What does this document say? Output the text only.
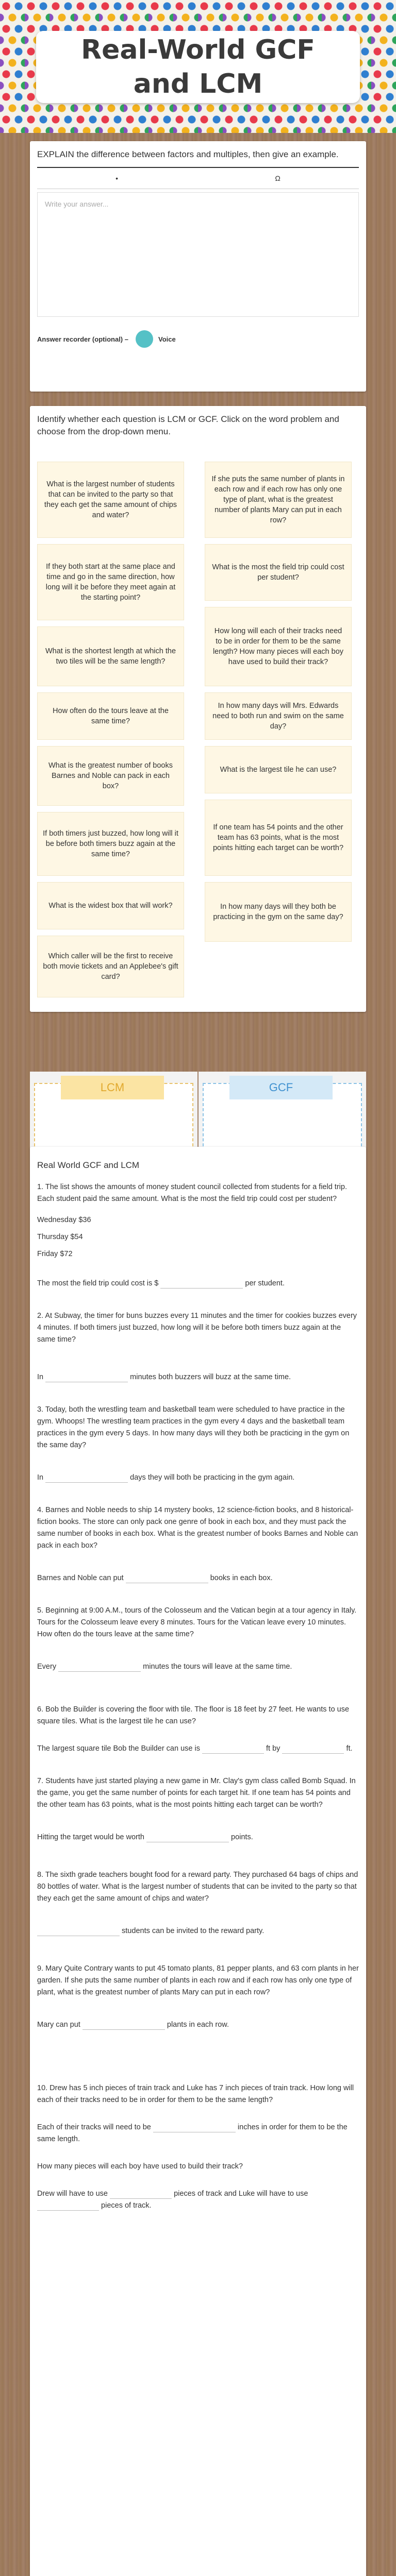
Real-World GCF and LCM

EXPLAIN the difference between factors and multiples, then give an example.

•	Ω
Write your answer...
Answer recorder (optional) –	Voice

Identify whether each question is LCM or GCF. Click on the word problem and choose from the drop-down menu.

What is the largest number of students that can be invited to the party so that they each get the same amount of chips and water?
If she puts the same number of plants in each row and if each row has only one type of plant, what is the greatest number of plants Mary can put in each row?
If they both start at the same place and time and go in the same direction, how long will it be before they meet again at the starting point?
What is the most the field trip could cost per student?
What is the shortest length at which the two tiles will be the same length?
How long will each of their tracks need to be in order for them to be the same length? How many pieces will each boy have used to build their track?
How often do the tours leave at the same time?
In how many days will Mrs. Edwards need to both run and swim on the same day?
What is the greatest number of books Barnes and Noble can pack in each box?
What is the largest tile he can use?
If both timers just buzzed, how long will it be before both timers buzz again at the same time?
If one team has 54 points and the other team has 63 points, what is the most points hitting each target can be worth?
What is the widest box that will work?	In how many days will they both be practicing in the gym on the same day?
Which caller will be the first to receive both movie tickets and an Applebee's gift card?
LCM	GCF
Real World GCF and LCM

1. The list shows the amounts of money student council collected from students for a field trip. Each student paid the same amount. What is the most the field trip could cost per student?

Wednesday $36
Thursday $54
Friday $72

The most the field trip could cost is $	per student.

2. At Subway, the timer for buns buzzes every 11 minutes and the timer for cookies buzzes every 4 minutes. If both timers just buzzed, how long will it be before both timers buzz again at the same time?

In	minutes both buzzers will buzz at the same time.

3. Today, both the wrestling team and basketball team were scheduled to have practice in the gym. Whoops! The wrestling team practices in the gym every 4 days and the basketball team practices in the gym every 5 days. In how many days will they both be practicing in the gym on the same day?

In	days they will both be practicing in the gym again.

4. Barnes and Noble needs to ship 14 mystery books, 12 science-fiction books, and 8 historical-fiction books. The store can only pack one genre of book in each box, and they must pack the same number of books in each box. What is the greatest number of books Barnes and Noble can pack in each box?

Barnes and Noble can put	books in each box.

5. Beginning at 9:00 A.M., tours of the Colosseum and the Vatican begin at a tour agency in Italy. Tours for the Colosseum leave every 8 minutes. Tours for the Vatican leave every 10 minutes. How often do the tours leave at the same time?

Every	minutes the tours will leave at the same time.

6. Bob the Builder is covering the floor with tile. The floor is 18 feet by 27 feet. He wants to use square tiles. What is the largest tile he can use?

The largest square tile Bob the Builder can use is	ft by	ft.

7. Students have just started playing a new game in Mr. Clay's gym class called Bomb Squad. In the game, you get the same number of points for each target hit. If one team has 54 points and the other team has 63 points, what is the most points hitting each target can be worth?

Hitting the target would be worth	points.

8. The sixth grade teachers bought food for a reward party. They purchased 64 bags of chips and 80 bottles of water. What is the largest number of students that can be invited to the party so that they each get the same amount of chips and water?

students can be invited to the reward party.

9. Mary Quite Contrary wants to put 45 tomato plants, 81 pepper plants, and 63 corn plants in her garden. If she puts the same number of plants in each row and if each row has only one type of plant, what is the greatest number of plants Mary can put in each row?

Mary can put	plants in each row.

10. Drew has 5 inch pieces of train track and Luke has 7 inch pieces of train track. How long will each of their tracks need to be in order for them to be the same length?

Each of their tracks will need to be	inches in order for them to be the same length.

How many pieces will each boy have used to build their track?

Drew will have to use	pieces of track and Luke will have to use  pieces of track.
